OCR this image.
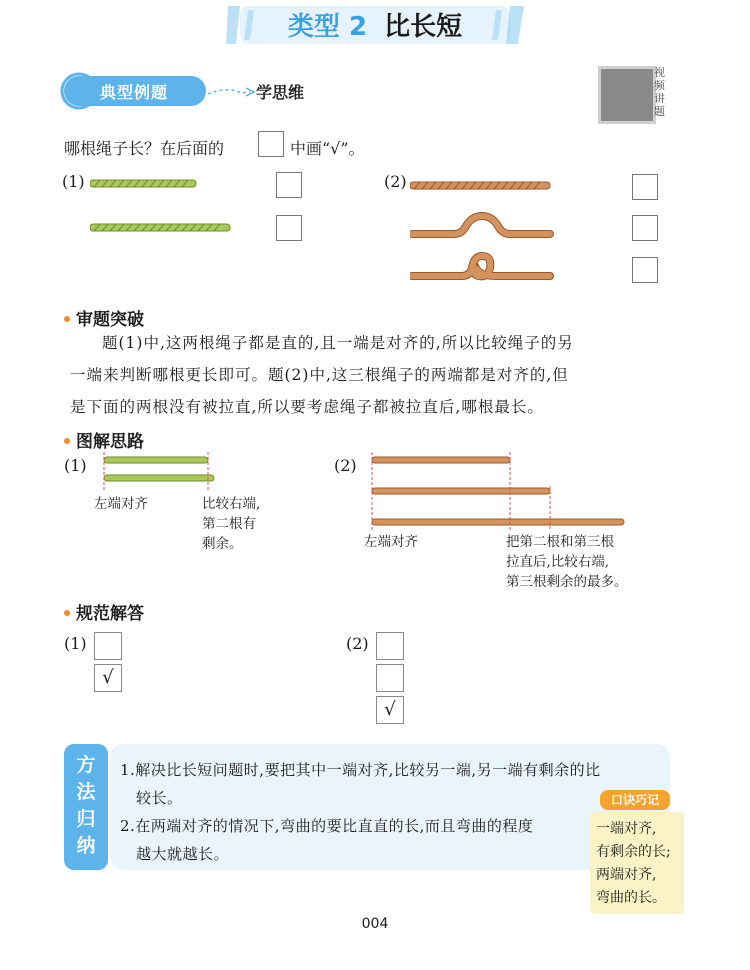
类型 2 比长短
典型例题	学思维
视频讲题
哪根绳子长？在后面的	中画“√”。
(1)	(2)
审题突破
题(1)中,这两根绳子都是直的,且一端是对齐的,所以比较绳子的另
一端来判断哪根更长即可。题(2)中,这三根绳子的两端都是对齐的,但
是下面的两根没有被拉直,所以要考虑绳子都被拉直后,哪根最长。
图解思路
(1)
左端对齐	比较右端,
第二根有
剩余。
(2)
左端对齐	把第二根和第三根
拉直后,比较右端,
第三根剩余的最多。
规范解答
(1)
√
(2)
√
方
法
归
纳
1.解决比长短问题时,要把其中一端对齐,比较另一端,另一端有剩余的比
较长。
2.在两端对齐的情况下,弯曲的要比直直的长,而且弯曲的程度
越大就越长。
口诀巧记
一端对齐,
有剩余的长;
两端对齐,
弯曲的长。
004
